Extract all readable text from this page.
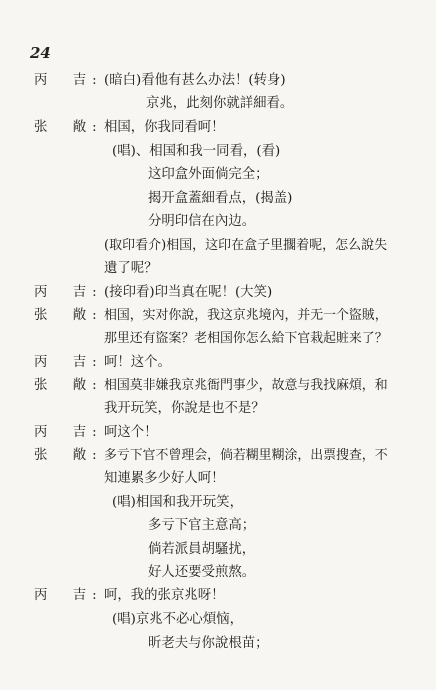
24
丙　吉: (暗白)看他有甚么办法！(转身)
京兆，此刻你就詳細看。
张　敞: 相国，你我同看呵！
(唱)、相国和我一同看，(看)
这印盒外面倘完全；
揭开盒蓋細看点，(揭盖)
分明印信在內边。
(取印看介)相国，这印在盒子里擱着呢，怎么說失
遺了呢？
丙　吉: (接印看)印当真在呢！(大笑)
张　敞: 相国，实对你說，我这京兆境內，并无一个盜賊，
那里还有盜案？老相国你怎么給下官栽起賍来了？
丙　吉: 呵！这个。
张　敞: 相国莫非嫌我京兆衙門事少，故意与我找麻煩，和
我开玩笑，你說是也不是？
丙　吉: 呵这个！
张　敞: 多亏下官不曾理会，倘若糊里糊涂，出票搜查，不
知連累多少好人呵！
(唱)相国和我开玩笑，
多亏下官主意高；
倘若派員胡騷扰，
好人还要受煎熬。
丙　吉: 呵，我的张京兆呀！
(唱)京兆不必心煩恼，
昕老夫与你說根苗；
